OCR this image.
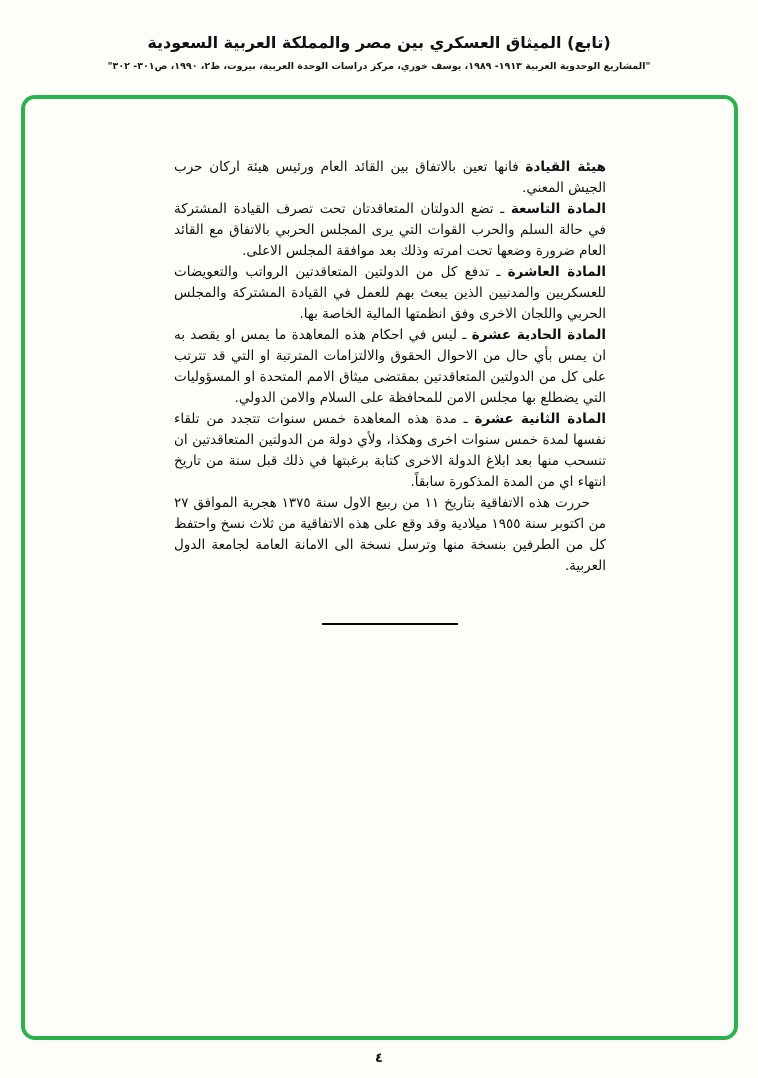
(تابع) الميثاق العسكري بين مصر والمملكة العربية السعودية
"المشاريع الوحدوية العربية ١٩١٣- ١٩٨٩، يوسف خوري، مركز دراسات الوحدة العربية، بيروت، ط٢، ١٩٩٠، ص٣٠١- ٣٠٢"

هيئة القيادة فانها تعين بالاتفاق بين القائد العام ورئيس هيئة اركان حرب الجيش المعني.

المادة التاسعة ـ تضع الدولتان المتعاقدتان تحت تصرف القيادة المشتركة في حالة السلم والحرب القوات التي يرى المجلس الحربي بالاتفاق مع القائد العام ضرورة وضعها تحت امرته وذلك بعد موافقة المجلس الاعلى.

المادة العاشرة ـ تدفع كل من الدولتين المتعاقدتين الرواتب والتعويضات للعسكريين والمدنيين الذين يبعث بهم للعمل في القيادة المشتركة والمجلس الحربي واللجان الاخرى وفق انظمتها المالية الخاصة بها.

المادة الحادية عشرة ـ ليس في احكام هذه المعاهدة ما يمس او يقصد به ان يمس بأي حال من الاحوال الحقوق والالتزامات المترتبة او التي قد تترتب على كل من الدولتين المتعاقدتين بمقتضى ميثاق الامم المتحدة او المسؤوليات التي يضطلع بها مجلس الامن للمحافظة على السلام والامن الدولي.

المادة الثانية عشرة ـ مدة هذه المعاهدة خمس سنوات تتجدد من تلقاء نفسها لمدة خمس سنوات اخرى وهكذا، ولأي دولة من الدولتين المتعاقدتين ان تنسحب منها بعد ابلاغ الدولة الاخرى كتابة برغبتها في ذلك قبل سنة من تاريخ انتهاء اي من المدة المذكورة سابقاً.

حررت هذه الاتفاقية بتاريخ ١١ من ربيع الاول سنة ١٣٧٥ هجرية الموافق ٢٧ من اكتوبر سنة ١٩٥٥ ميلادية وقد وقع على هذه الاتفاقية من ثلاث نسخ واحتفظ كل من الطرفين بنسخة منها وترسل نسخة الى الامانة العامة لجامعة الدول العربية.

٤
